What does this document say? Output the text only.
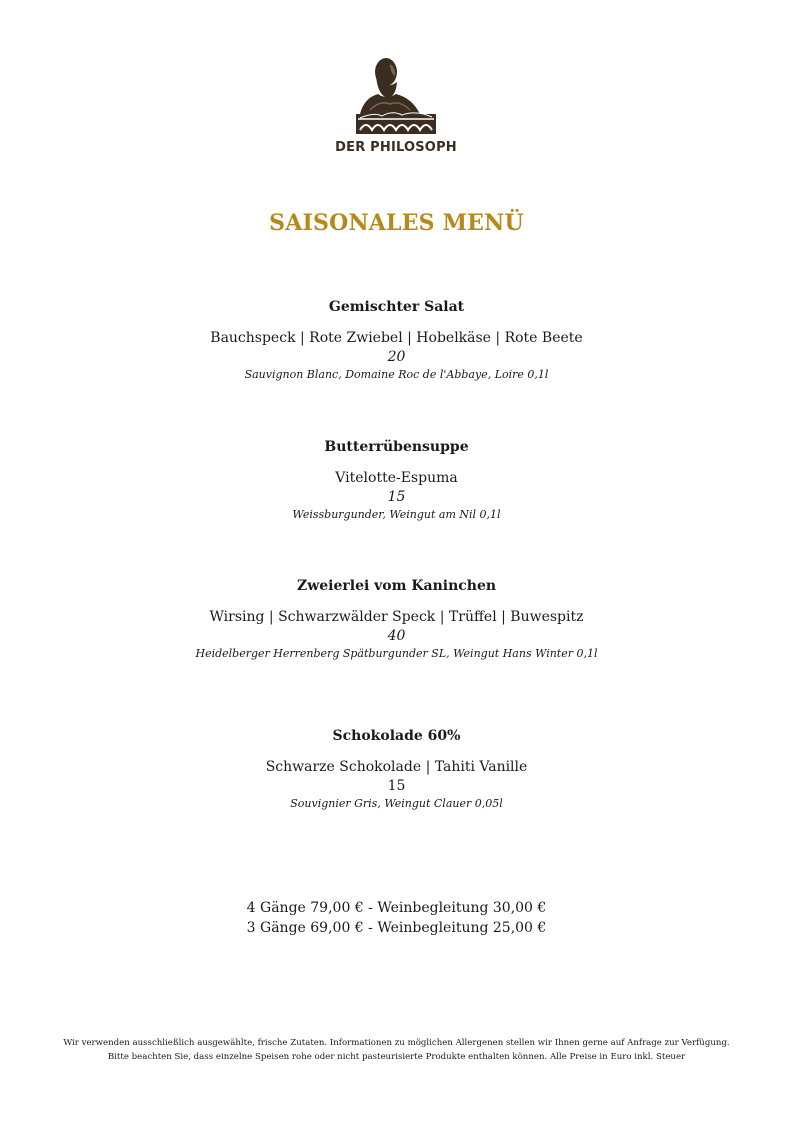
DER PHILOSOPH
SAISONALES MENÜ
Gemischter Salat
Bauchspeck | Rote Zwiebel | Hobelkäse | Rote Beete
20
Sauvignon Blanc, Domaine Roc de l'Abbaye, Loire 0,1l
Butterrübensuppe
Vitelotte-Espuma
15
Weissburgunder, Weingut am Nil 0,1l
Zweierlei vom Kaninchen
Wirsing | Schwarzwälder Speck | Trüffel | Buwespitz
40
Heidelberger Herrenberg Spätburgunder SL, Weingut Hans Winter 0,1l
Schokolade 60%
Schwarze Schokolade | Tahiti Vanille
15
Souvignier Gris, Weingut Clauer 0,05l
4 Gänge 79,00 € - Weinbegleitung 30,00 €
3 Gänge 69,00 € - Weinbegleitung 25,00 €
Wir verwenden ausschließlich ausgewählte, frische Zutaten. Informationen zu möglichen Allergenen stellen wir Ihnen gerne auf Anfrage zur Verfügung.
Bitte beachten Sie, dass einzelne Speisen rohe oder nicht pasteurisierte Produkte enthalten können. Alle Preise in Euro inkl. Steuer
